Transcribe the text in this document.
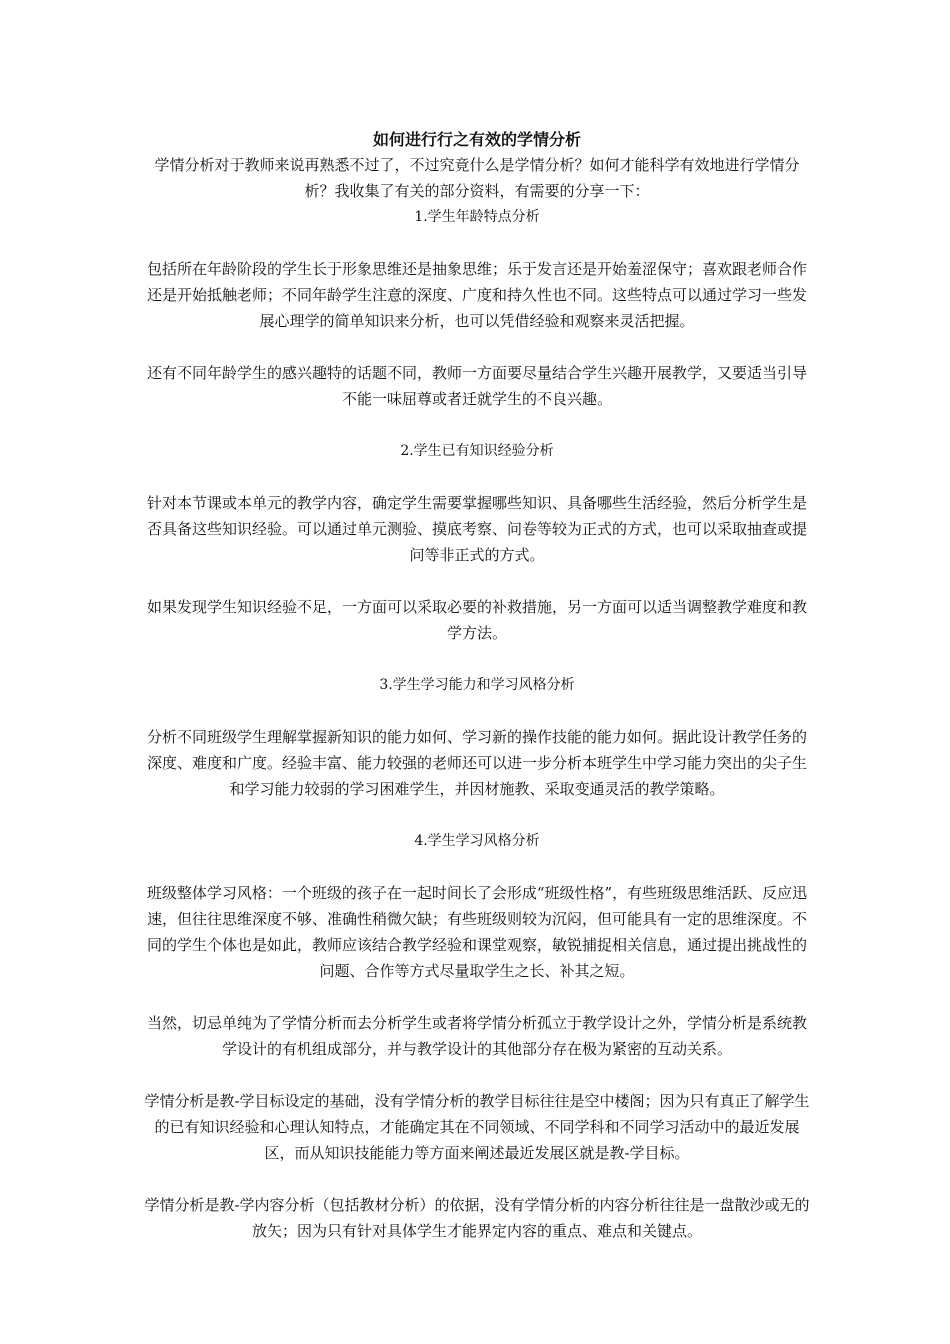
如何进行行之有效的学情分析

学情分析对于教师来说再熟悉不过了，不过究竟什么是学情分析？如何才能科学有效地进行学情分析？我收集了有关的部分资料，有需要的分享一下：

1.学生年龄特点分析

包括所在年龄阶段的学生长于形象思维还是抽象思维；乐于发言还是开始羞涩保守；喜欢跟老师合作还是开始抵触老师；不同年龄学生注意的深度、广度和持久性也不同。这些特点可以通过学习一些发展心理学的简单知识来分析，也可以凭借经验和观察来灵活把握。

还有不同年龄学生的感兴趣特的话题不同，教师一方面要尽量结合学生兴趣开展教学，又要适当引导不能一味屈尊或者迁就学生的不良兴趣。

2.学生已有知识经验分析

针对本节课或本单元的教学内容，确定学生需要掌握哪些知识、具备哪些生活经验，然后分析学生是否具备这些知识经验。可以通过单元测验、摸底考察、问卷等较为正式的方式，也可以采取抽查或提问等非正式的方式。

如果发现学生知识经验不足，一方面可以采取必要的补救措施，另一方面可以适当调整教学难度和教学方法。

3.学生学习能力和学习风格分析

分析不同班级学生理解掌握新知识的能力如何、学习新的操作技能的能力如何。据此设计教学任务的深度、难度和广度。经验丰富、能力较强的老师还可以进一步分析本班学生中学习能力突出的尖子生和学习能力较弱的学习困难学生，并因材施教、采取变通灵活的教学策略。

4.学生学习风格分析

班级整体学习风格：一个班级的孩子在一起时间长了会形成“班级性格”，有些班级思维活跃、反应迅速，但往往思维深度不够、准确性稍微欠缺；有些班级则较为沉闷，但可能具有一定的思维深度。不同的学生个体也是如此，教师应该结合教学经验和课堂观察，敏锐捕捉相关信息，通过提出挑战性的问题、合作等方式尽量取学生之长、补其之短。

当然，切忌单纯为了学情分析而去分析学生或者将学情分析孤立于教学设计之外，学情分析是系统教学设计的有机组成部分，并与教学设计的其他部分存在极为紧密的互动关系。

学情分析是教-学目标设定的基础，没有学情分析的教学目标往往是空中楼阁；因为只有真正了解学生的已有知识经验和心理认知特点，才能确定其在不同领域、不同学科和不同学习活动中的最近发展区，而从知识技能能力等方面来阐述最近发展区就是教-学目标。

学情分析是教-学内容分析（包括教材分析）的依据，没有学情分析的内容分析往往是一盘散沙或无的放矢；因为只有针对具体学生才能界定内容的重点、难点和关键点。
